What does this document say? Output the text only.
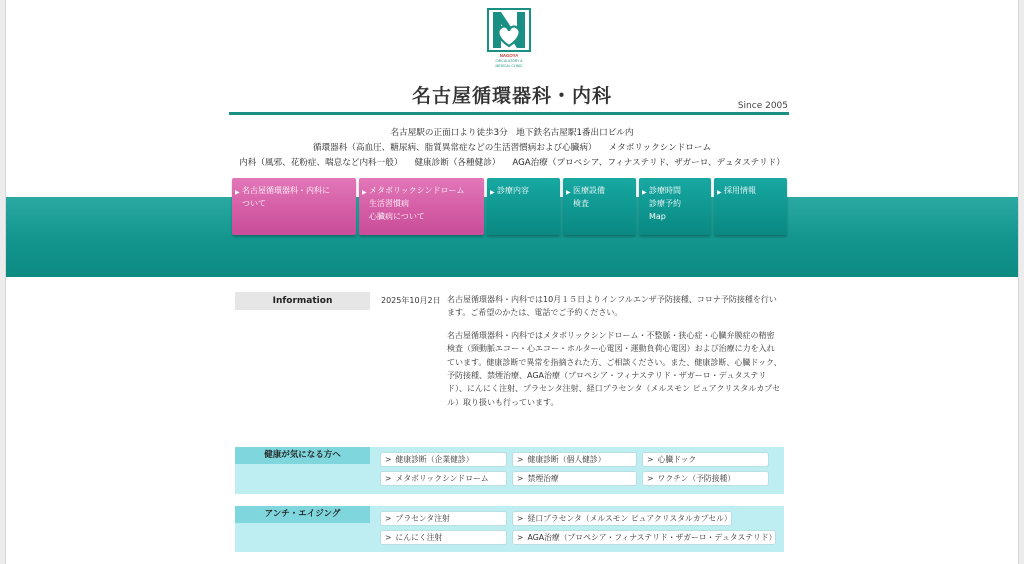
NAGOYA
CIRCULATORY &
MEDICAL CLINIC
名古屋循環器科・内科	Since 2005
名古屋駅の正面口より徒歩3分　地下鉄名古屋駅1番出口ビル内
循環器科（高血圧、糖尿病、脂質異常症などの生活習慣病および心臓病） メタボリックシンドローム
内科（風邪、花粉症、喘息など内科一般） 健康診断（各種健診） AGA治療（プロペシア、フィナステリド、ザガーロ、デュタステリド）
▶ 名古屋循環器科・内科に
ついて
▶ メタボリックシンドローム
生活習慣病
心臓病について
▶ 診療内容	▶ 医療設備
検査
▶ 診療時間
診療予約
Map
▶ 採用情報
Information	2025年10月2日 名古屋循環器科・内科では10月１５日よりインフルエンザ予防接種、コロナ予防接種を行います。ご希望のかたは、電話でご予約ください。

名古屋循環器科・内科ではメタボリックシンドローム・不整脈・狭心症・心臓弁膜症の精密検査（頸動脈エコー・心エコー・ホルター心電図・運動負荷心電図）および治療に力を入れています。健康診断で異常を指摘された方、ご相談ください。また、健康診断、心臓ドック、予防接種、禁煙治療、AGA治療（プロペシア・フィナステリド・ザガーロ・デュタステリド）、にんにく注射、プラセンタ注射、経口プラセンタ（メルスモン ピュアクリスタルカプセル）取り扱いも行っています。

健康が気になる方へ	> 健康診断（企業健診）	> 健康診断（個人健診）	> 心臓ドック
> メタボリックシンドローム	> 禁煙治療	> ワクチン（予防接種）
アンチ・エイジング	> プラセンタ注射	> 経口プラセンタ（メルスモン ピュアクリスタルカプセル）
> にんにく注射	> AGA治療（プロペシア・フィナステリド・ザガーロ・デュタステリド）
